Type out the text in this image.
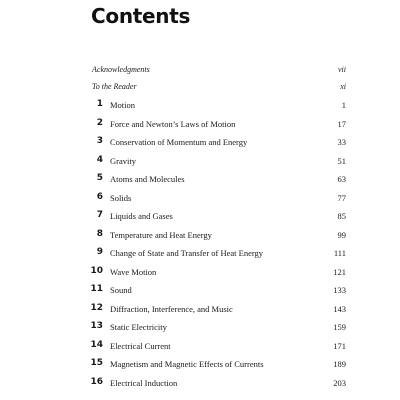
Contents
Acknowledgments	vii
To the Reader	xi
1 Motion	1
2 Force and Newton’s Laws of Motion	17
3 Conservation of Momentum and Energy	33
4 Gravity	51
5 Atoms and Molecules	63
6 Solids	77
7 Liquids and Gases	85
8 Temperature and Heat Energy	99
9 Change of State and Transfer of Heat Energy	111
10 Wave Motion	121
11 Sound	133
12 Diffraction, Interference, and Music	143
13 Static Electricity	159
14 Electrical Current	171
15 Magnetism and Magnetic Effects of Currents	189
16 Electrical Induction	203
